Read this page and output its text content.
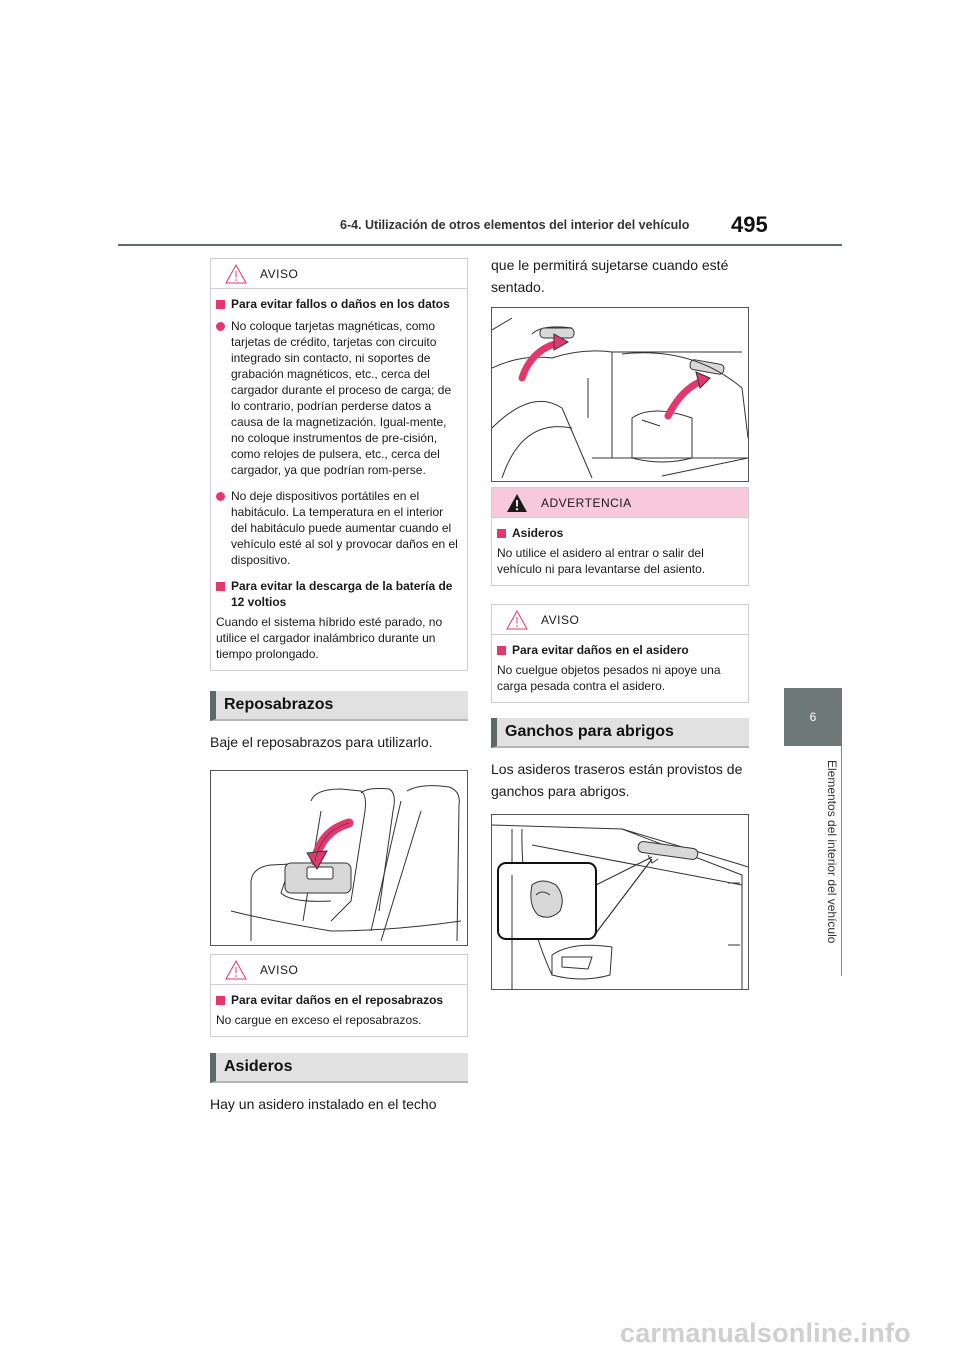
6-4. Utilización de otros elementos del interior del vehículo 495
6
Elementos del interior del vehículo
AVISO
Para evitar fallos o daños en los datos
No coloque tarjetas magnéticas, como tarjetas de crédito, tarjetas con circuito integrado sin contacto, ni soportes de grabación magnéticos, etc., cerca del cargador durante el proceso de carga; de lo contrario, podrían perderse datos a causa de la magnetización. Igual-mente, no coloque instrumentos de pre-cisión, como relojes de pulsera, etc., cerca del cargador, ya que podrían rom-perse.
No deje dispositivos portátiles en el habitáculo. La temperatura en el interior del habitáculo puede aumentar cuando el vehículo esté al sol y provocar daños en el dispositivo.
Para evitar la descarga de la batería de 12 voltios
Cuando el sistema híbrido esté parado, no utilice el cargador inalámbrico durante un tiempo prolongado.
Reposabrazos
Baje el reposabrazos para utilizarlo.
AVISO
Para evitar daños en el reposabrazos
No cargue en exceso el reposabrazos.
Asideros
Hay un asidero instalado en el techo
que le permitirá sujetarse cuando esté sentado.
ADVERTENCIA
Asideros
No utilice el asidero al entrar o salir del vehículo ni para levantarse del asiento.
AVISO
Para evitar daños en el asidero
No cuelgue objetos pesados ni apoye una carga pesada contra el asidero.
Ganchos para abrigos
Los asideros traseros están provistos de ganchos para abrigos.
carmanualsonline.info
